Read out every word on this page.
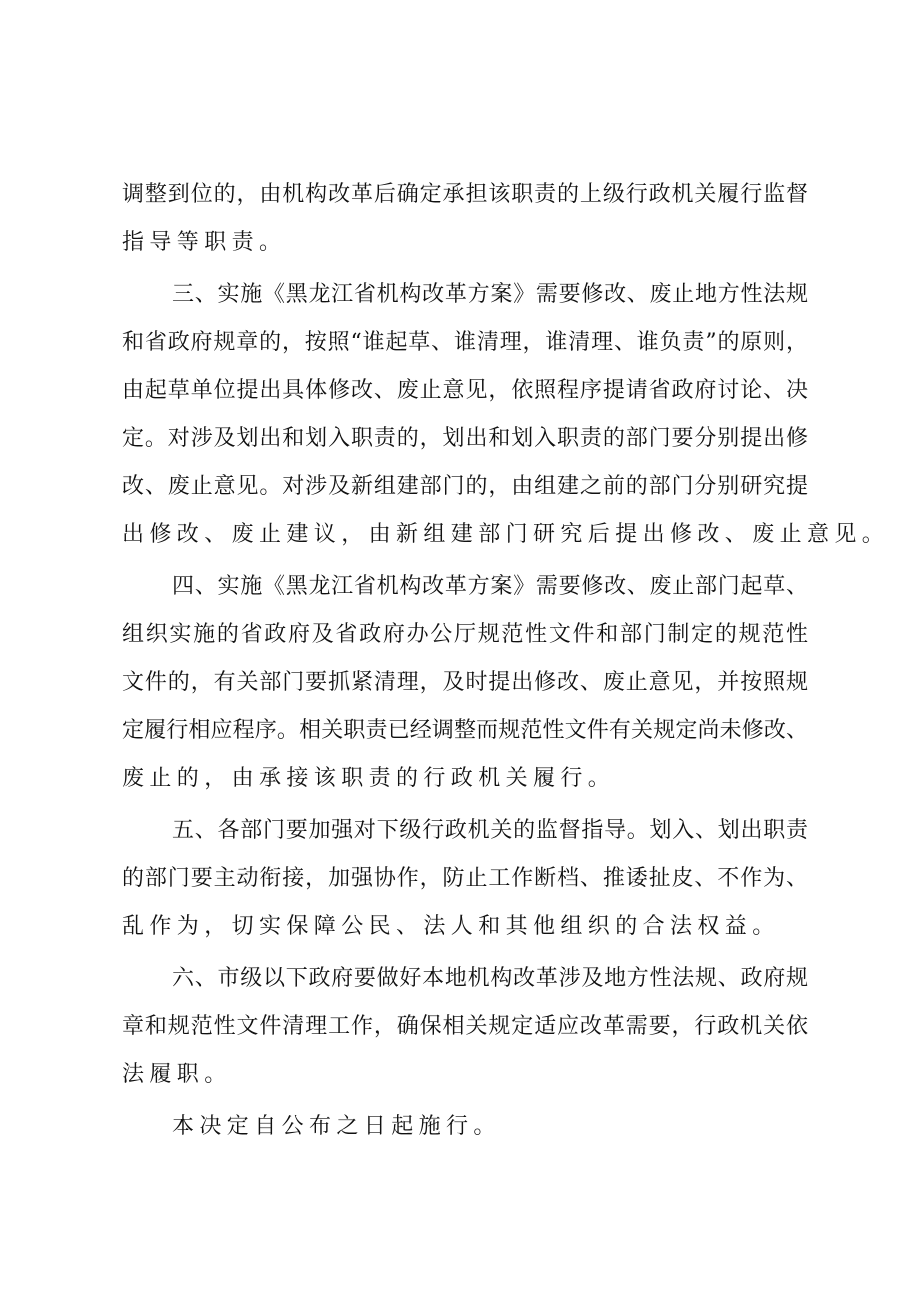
调整到位的，由机构改革后确定承担该职责的上级行政机关履行监督
指导等职责。
三、实施《黑龙江省机构改革方案》需要修改、废止地方性法规
和省政府规章的，按照“谁起草、谁清理，谁清理、谁负责”的原则，
由起草单位提出具体修改、废止意见，依照程序提请省政府讨论、决
定。对涉及划出和划入职责的，划出和划入职责的部门要分别提出修
改、废止意见。对涉及新组建部门的，由组建之前的部门分别研究提
出修改、废止建议，由新组建部门研究后提出修改、废止意见。
四、实施《黑龙江省机构改革方案》需要修改、废止部门起草、
组织实施的省政府及省政府办公厅规范性文件和部门制定的规范性
文件的，有关部门要抓紧清理，及时提出修改、废止意见，并按照规
定履行相应程序。相关职责已经调整而规范性文件有关规定尚未修改、
废止的，由承接该职责的行政机关履行。
五、各部门要加强对下级行政机关的监督指导。划入、划出职责
的部门要主动衔接，加强协作，防止工作断档、推诿扯皮、不作为、
乱作为，切实保障公民、法人和其他组织的合法权益。
六、市级以下政府要做好本地机构改革涉及地方性法规、政府规
章和规范性文件清理工作，确保相关规定适应改革需要，行政机关依
法履职。
本决定自公布之日起施行。
